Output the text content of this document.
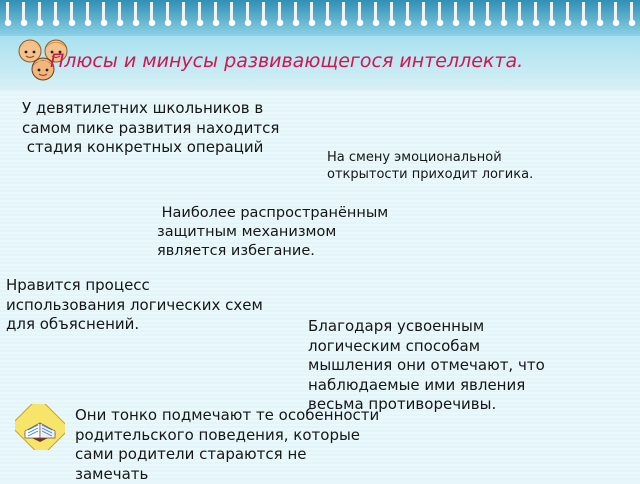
Плюсы и минусы развивающегося интеллекта.

У девятилетних школьников в
самом пике развития находится
стадия конкретных операций

На смену эмоциональной
открытости приходит логика.

Наиболее распространённым
защитным механизмом
является избегание.

Нравится процесс
использования логических схем
для объяснений.	Благодаря усвоенным
логическим способам
мышления они отмечают, что
наблюдаемые ими явления
весьма противоречивы.

Они тонко подмечают те особенности
родительского поведения, которые
сами родители стараются не
замечать
